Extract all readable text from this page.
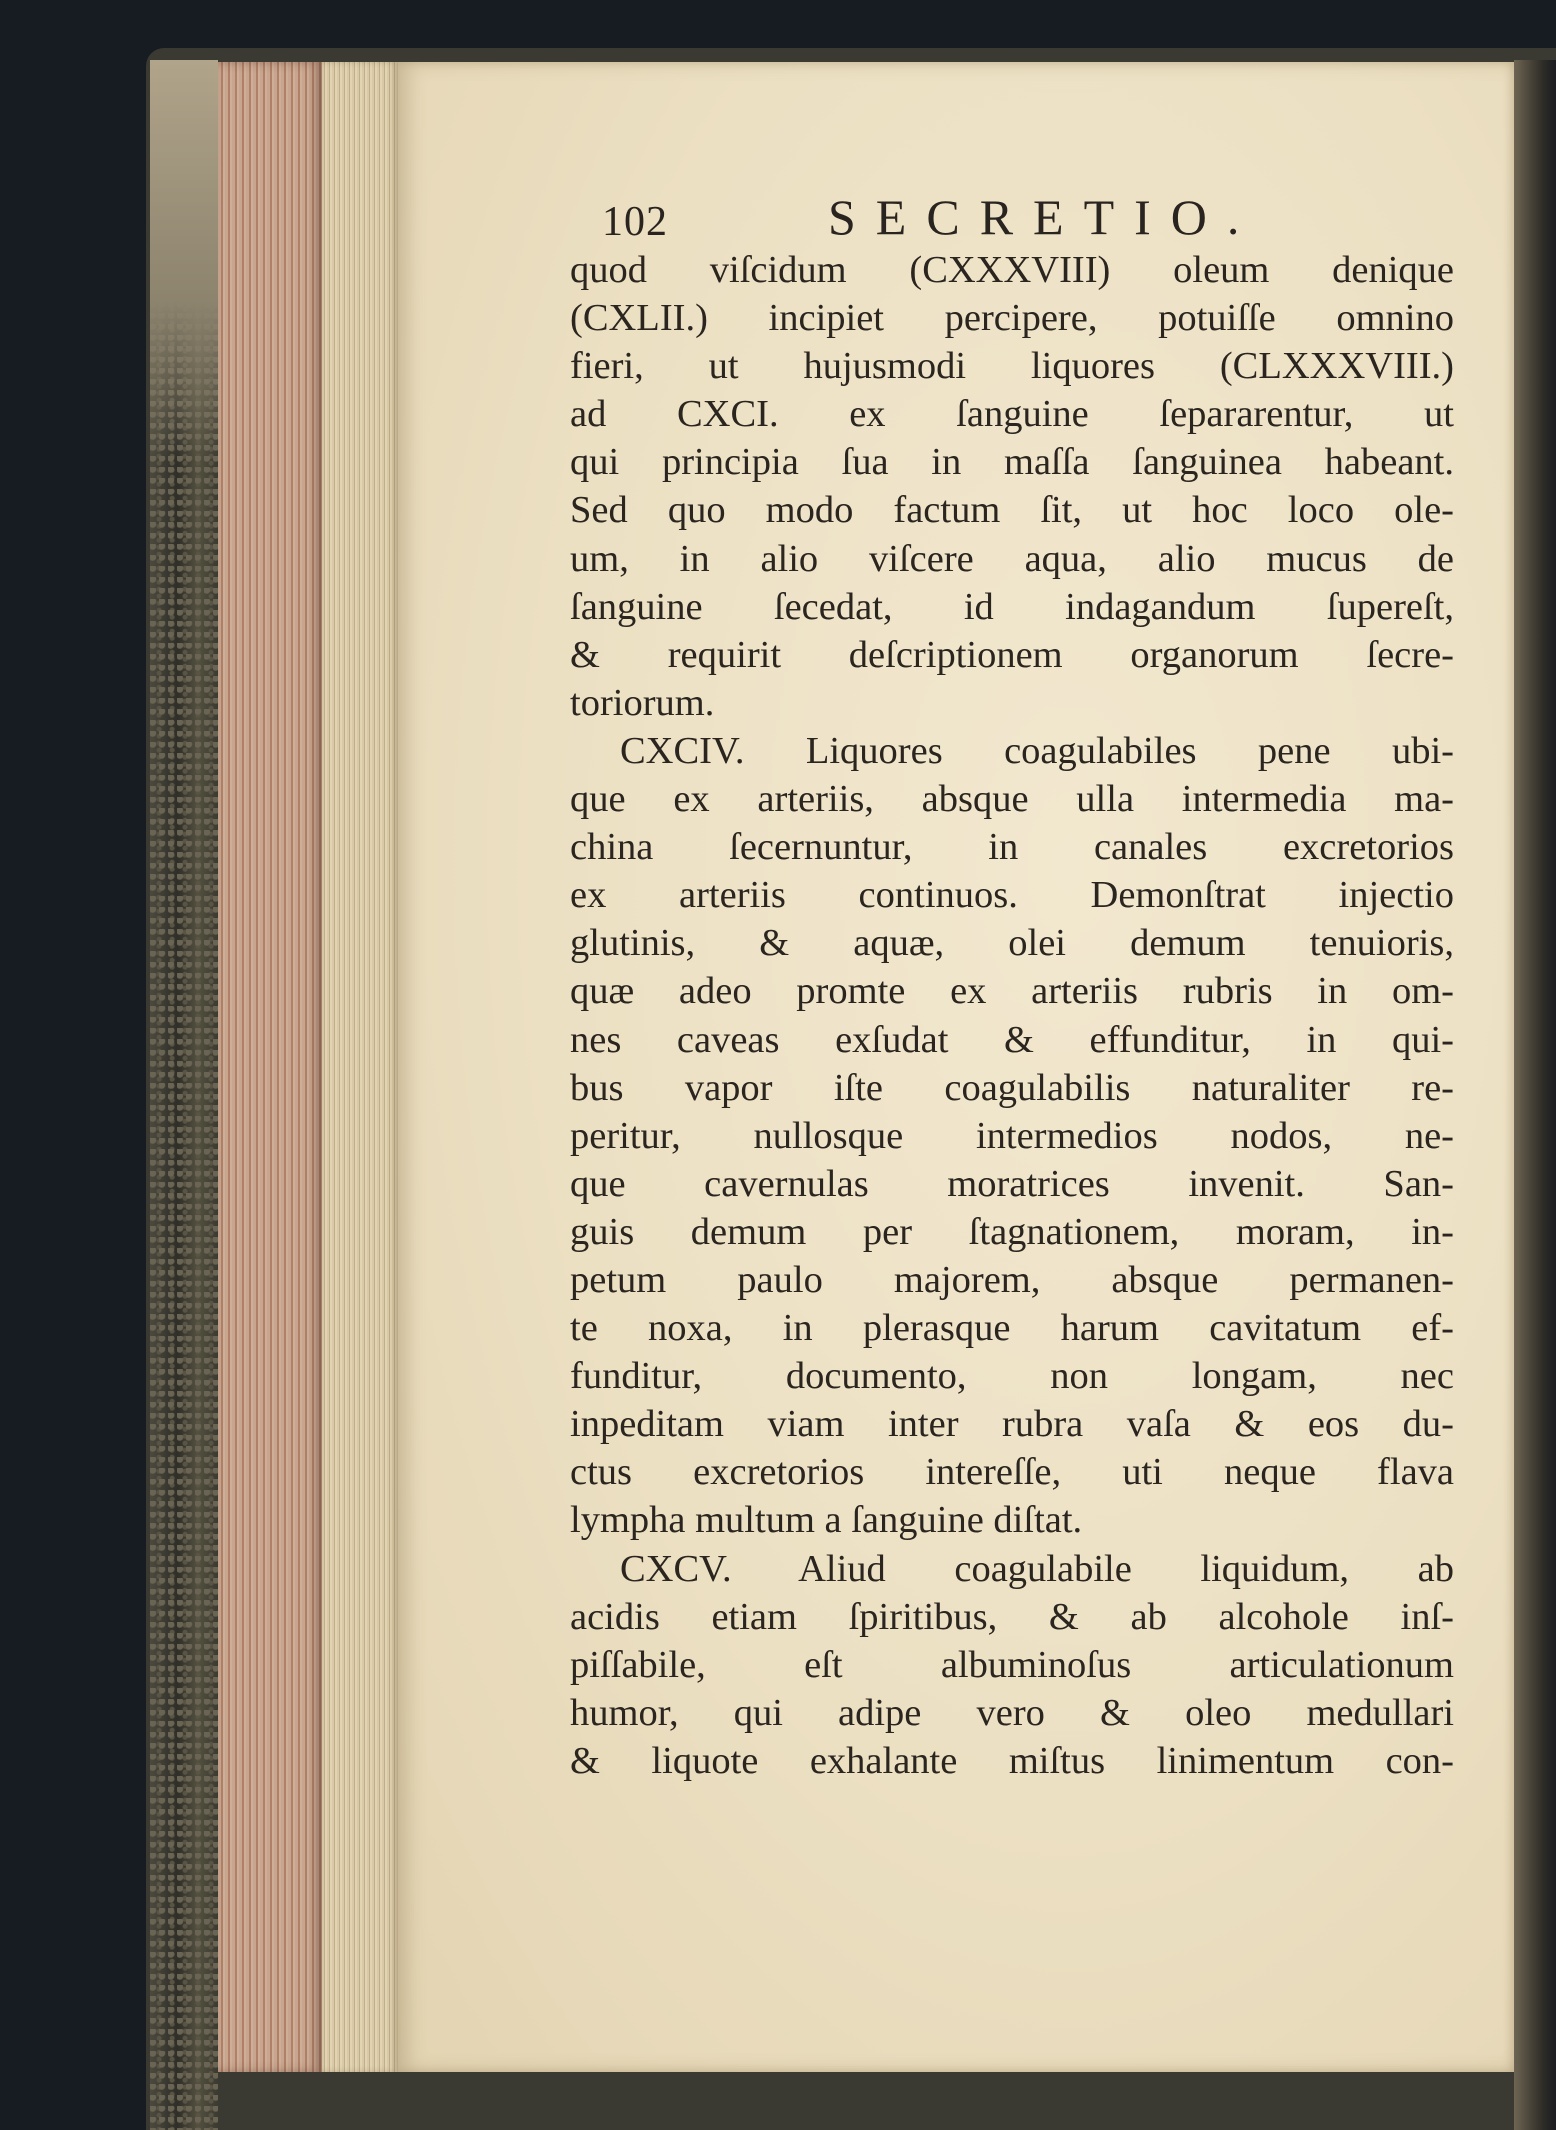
102	SECRETIO.
quod viſcidum (CXXXVIII) oleum denique
(CXLII.) incipiet percipere, potuiſſe omnino
fieri, ut hujusmodi liquores (CLXXXVIII.)
ad CXCI. ex ſanguine ſepararentur, ut
qui principia ſua in maſſa ſanguinea habeant.
Sed quo modo factum ſit, ut hoc loco ole-
um, in alio viſcere aqua, alio mucus de
ſanguine ſecedat, id indagandum ſupereſt,
& requirit deſcriptionem organorum ſecre-
toriorum.
CXCIV. Liquores coagulabiles pene ubi-
que ex arteriis, absque ulla intermedia ma-
china ſecernuntur, in canales excretorios
ex arteriis continuos. Demonſtrat injectio
glutinis, & aquæ, olei demum tenuioris,
quæ adeo promte ex arteriis rubris in om-
nes caveas exſudat & effunditur, in qui-
bus vapor iſte coagulabilis naturaliter re-
peritur, nullosque intermedios nodos, ne-
que cavernulas moratrices invenit. San-
guis demum per ſtagnationem, moram, in-
petum paulo majorem, absque permanen-
te noxa, in plerasque harum cavitatum ef-
funditur, documento, non longam, nec
inpeditam viam inter rubra vaſa & eos du-
ctus excretorios intereſſe, uti neque flava
lympha multum a ſanguine diſtat.
CXCV. Aliud coagulabile liquidum, ab
acidis etiam ſpiritibus, & ab alcohole inſ-
piſſabile, eſt albuminoſus articulationum
humor, qui adipe vero & oleo medullari
& liquote exhalante miſtus linimentum con-
